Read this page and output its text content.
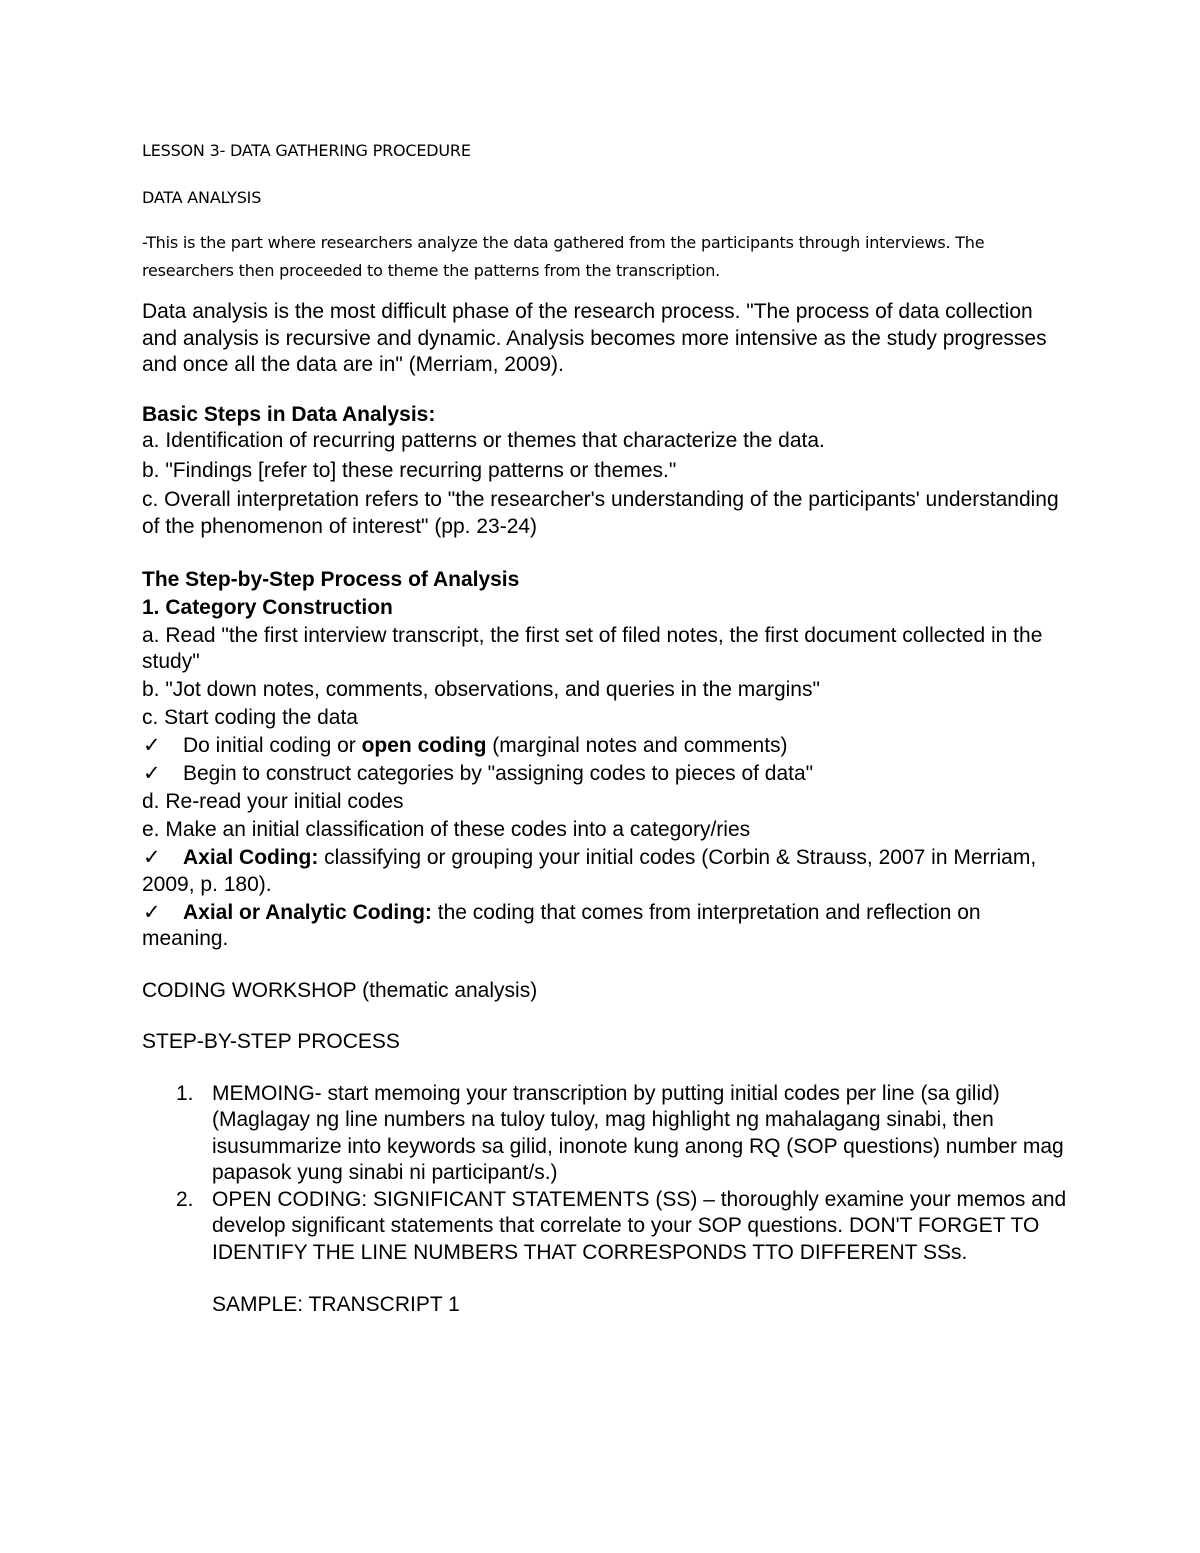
LESSON 3- DATA GATHERING PROCEDURE
DATA ANALYSIS
-This is the part where researchers analyze the data gathered from the participants through interviews. The researchers then proceeded to theme the patterns from the transcription.
Data analysis is the most difficult phase of the research process. "The process of data collection and analysis is recursive and dynamic. Analysis becomes more intensive as the study progresses and once all the data are in" (Merriam, 2009).
Basic Steps in Data Analysis:
a. Identification of recurring patterns or themes that characterize the data.
b. "Findings [refer to] these recurring patterns or themes."
c. Overall interpretation refers to "the researcher's understanding of the participants' understanding of the phenomenon of interest" (pp. 23-24)
The Step-by-Step Process of Analysis
1. Category Construction
a. Read "the first interview transcript, the first set of filed notes, the first document collected in the study"
b. "Jot down notes, comments, observations, and queries in the margins"
c. Start coding the data
✓	Do initial coding or open coding (marginal notes and comments)
✓	Begin to construct categories by "assigning codes to pieces of data"
d. Re-read your initial codes
e. Make an initial classification of these codes into a category/ries
✓ Axial Coding: classifying or grouping your initial codes (Corbin & Strauss, 2007 in Merriam, 2009, p. 180).
✓ Axial or Analytic Coding: the coding that comes from interpretation and reflection on meaning.
CODING WORKSHOP (thematic analysis)
STEP-BY-STEP PROCESS
1. MEMOING- start memoing your transcription by putting initial codes per line (sa gilid) (Maglagay ng line numbers na tuloy tuloy, mag highlight ng mahalagang sinabi, then isusummarize into keywords sa gilid, inonote kung anong RQ (SOP questions) number mag papasok yung sinabi ni participant/s.)
2. OPEN CODING: SIGNIFICANT STATEMENTS (SS) – thoroughly examine your memos and develop significant statements that correlate to your SOP questions. DON'T FORGET TO IDENTIFY THE LINE NUMBERS THAT CORRESPONDS TTO DIFFERENT SSs.
SAMPLE: TRANSCRIPT 1
